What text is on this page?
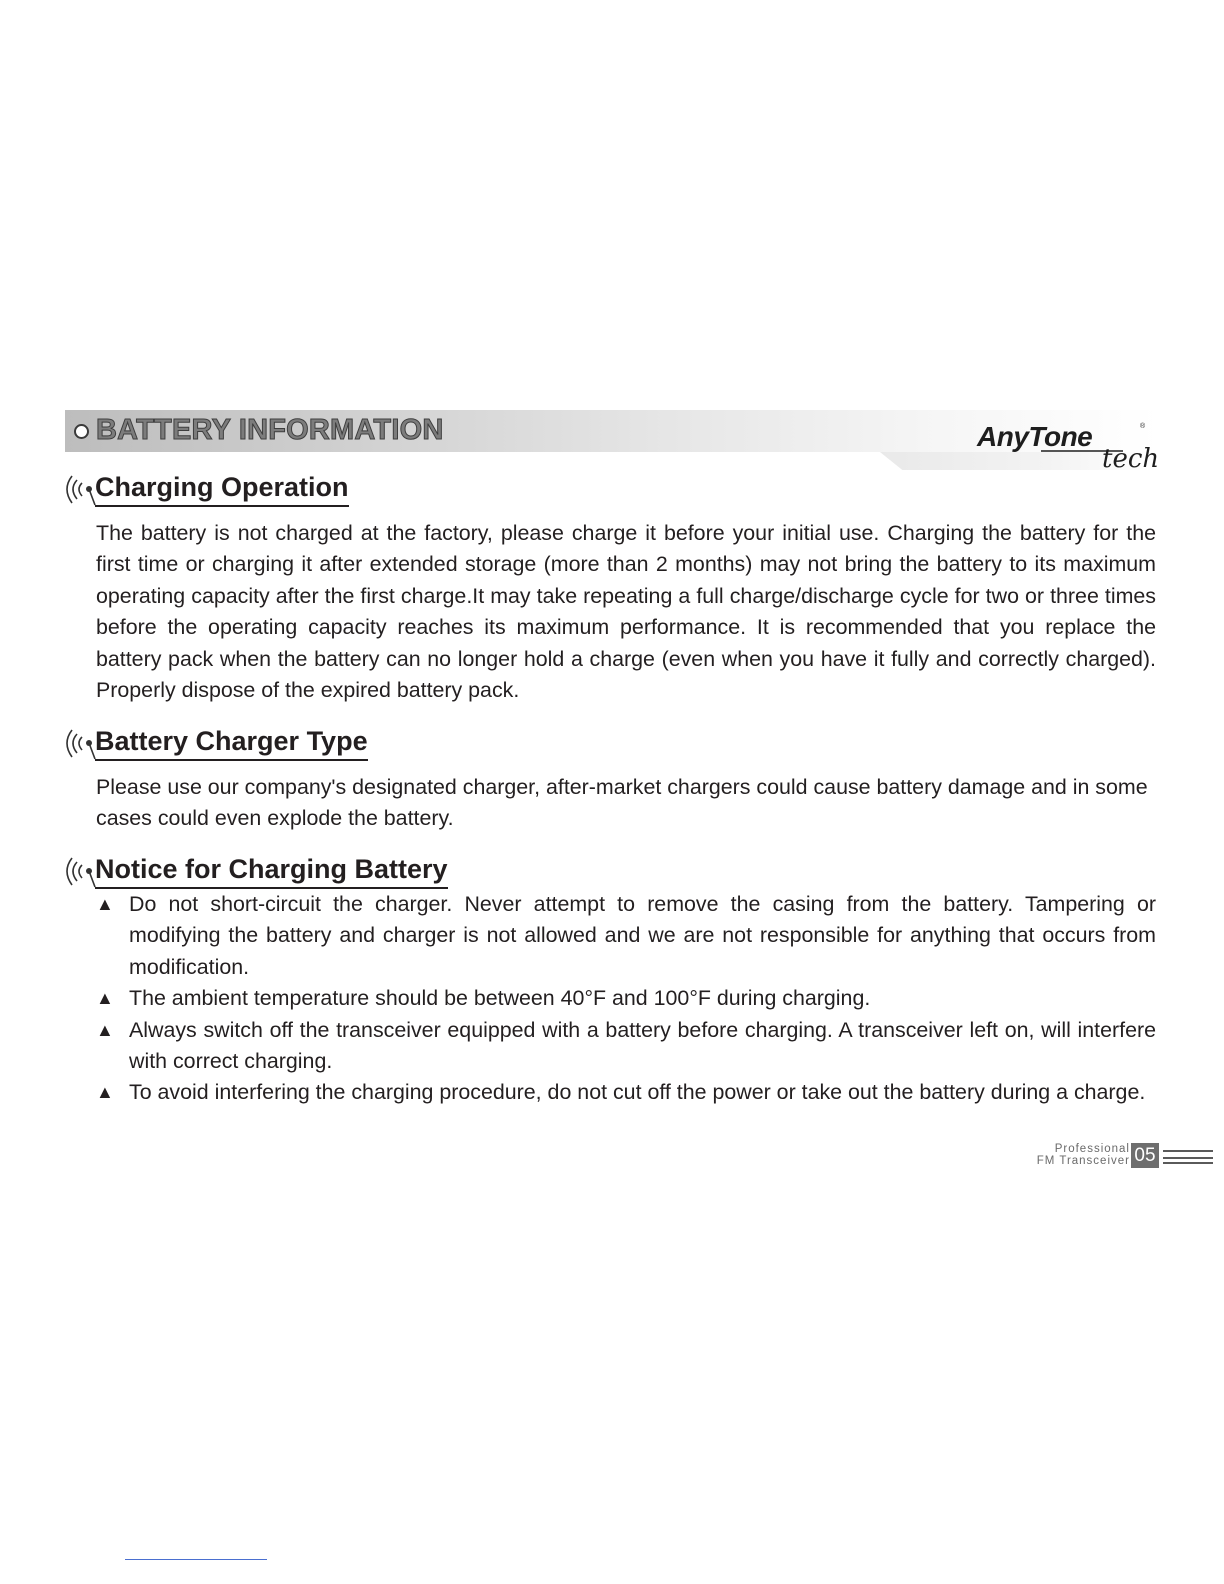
BATTERY INFORMATION	AnyTone	®
tech
Charging Operation

The battery is not charged at the factory, please charge it before your initial use. Charging the battery for the first time or charging it after extended storage (more than 2 months) may not bring the battery to its maximum operating capacity after the first charge.It may take repeating a full charge/discharge cycle for two or three times before the operating capacity reaches its maximum performance. It is recommended that you replace the battery pack when the battery can no longer hold a charge (even when you have it fully and correctly charged). Properly dispose of the expired battery pack.

Battery Charger Type

Please use our company's designated charger, after-market chargers could cause battery damage and in some cases could even explode the battery.

Notice for Charging Battery
▲ Do not short-circuit the charger. Never attempt to remove the casing from the battery. Tampering or modifying the battery and charger is not allowed and we are not responsible for anything that occurs from modification.
▲ The ambient temperature should be between 40°F and 100°F during charging.
▲ Always switch off the transceiver equipped with a battery before charging. A transceiver left on, will interfere with correct charging.
▲ To avoid interfering the charging procedure, do not cut off the power or take out the battery during a charge.
Professional
FM Transceiver 05
